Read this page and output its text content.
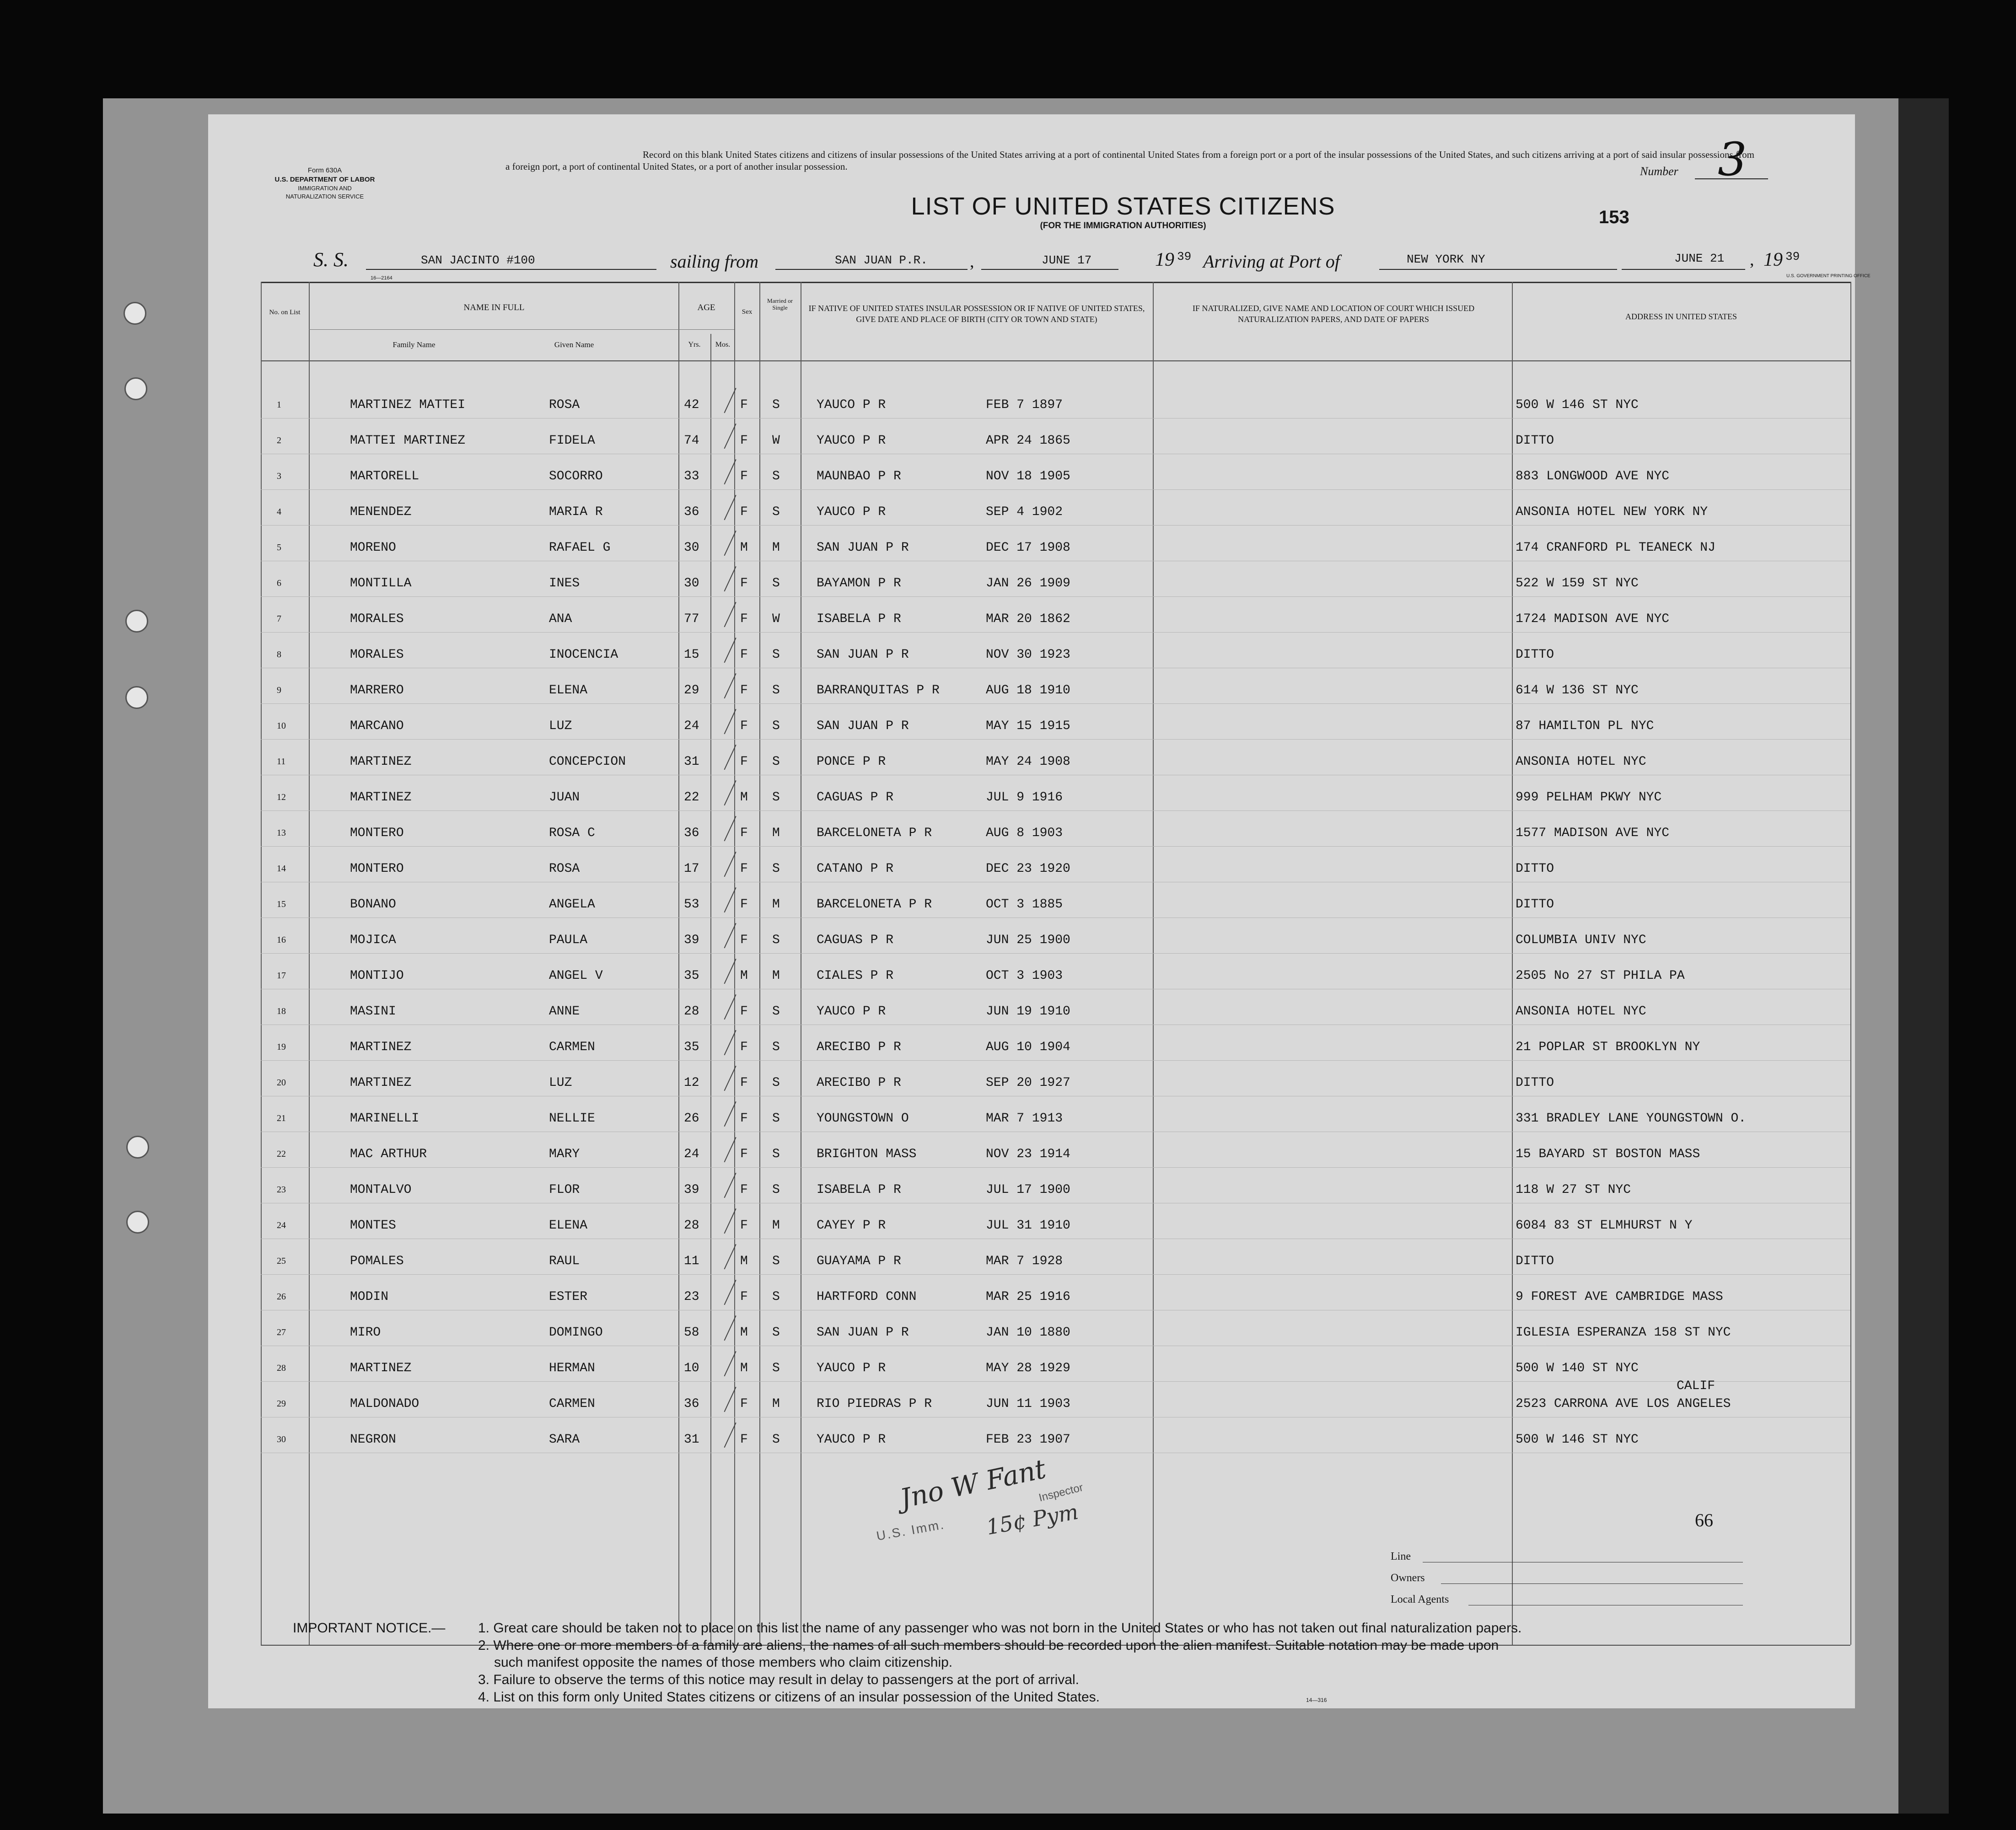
Form 630A
U.S. DEPARTMENT OF LABOR
IMMIGRATION AND
NATURALIZATION SERVICE
Record on this blank United States citizens and citizens of insular possessions of the United States arriving at a port of continental United States from a foreign port or a port of the insular possessions of the United States, and such citizens arriving at a port of said insular possessions from a foreign port, a port of continental United States, or a port of another insular possession.	Number 3
LIST OF UNITED STATES CITIZENS
(FOR THE IMMIGRATION AUTHORITIES)	153
S. S.	SAN JACINTO #100	sailing from	SAN JUAN P.R. ,	JUNE 17	19 39 Arriving at Port of	NEW YORK NY	JUNE 21 , 19 39
U.S. GOVERNMENT PRINTING OFFICE
16—2164
No. on List	NAME IN FULL
Family Name	Given Name
AGE
Yrs.	Mos.
Sex
Married or Single	IF NATIVE OF UNITED STATES INSULAR POSSESSION OR IF NATIVE OF UNITED STATES, GIVE DATE AND PLACE OF BIRTH (CITY OR TOWN AND STATE)
IF NATURALIZED, GIVE NAME AND LOCATION OF COURT WHICH ISSUED NATURALIZATION PAPERS, AND DATE OF PAPERS	ADDRESS IN UNITED STATES
1	MARTINEZ MATTEI	ROSA	42	F S	YAUCO P R	FEB 7 1897	500 W 146 ST NYC
2	MATTEI MARTINEZ	FIDELA	74	F W	YAUCO P R	APR 24 1865	DITTO
3	MARTORELL	SOCORRO	33	F S	MAUNBAO P R	NOV 18 1905	883 LONGWOOD AVE NYC
4	MENENDEZ	MARIA R	36	F S	YAUCO P R	SEP 4 1902	ANSONIA HOTEL NEW YORK NY
5	MORENO	RAFAEL G	30	M M	SAN JUAN P R	DEC 17 1908	174 CRANFORD PL TEANECK NJ
6	MONTILLA	INES	30	F S	BAYAMON P R	JAN 26 1909	522 W 159 ST NYC
7	MORALES	ANA	77	F W	ISABELA P R	MAR 20 1862	1724 MADISON AVE NYC
8	MORALES	INOCENCIA	15	F S	SAN JUAN P R	NOV 30 1923	DITTO
9	MARRERO	ELENA	29	F S	BARRANQUITAS P R	AUG 18 1910	614 W 136 ST NYC
10	MARCANO	LUZ	24	F S	SAN JUAN P R	MAY 15 1915	87 HAMILTON PL NYC
11	MARTINEZ	CONCEPCION	31	F S	PONCE P R	MAY 24 1908	ANSONIA HOTEL NYC
12	MARTINEZ	JUAN	22	M S	CAGUAS P R	JUL 9 1916	999 PELHAM PKWY NYC
13	MONTERO	ROSA C	36	F M	BARCELONETA P R	AUG 8 1903	1577 MADISON AVE NYC
14	MONTERO	ROSA	17	F S	CATANO P R	DEC 23 1920	DITTO
15	BONANO	ANGELA	53	F M	BARCELONETA P R	OCT 3 1885	DITTO
16	MOJICA	PAULA	39	F S	CAGUAS P R	JUN 25 1900	COLUMBIA UNIV NYC
17	MONTIJO	ANGEL V	35	M M	CIALES P R	OCT 3 1903	2505 No 27 ST PHILA PA
18	MASINI	ANNE	28	F S	YAUCO P R	JUN 19 1910	ANSONIA HOTEL NYC
19	MARTINEZ	CARMEN	35	F S	ARECIBO P R	AUG 10 1904	21 POPLAR ST BROOKLYN NY
20	MARTINEZ	LUZ	12	F S	ARECIBO P R	SEP 20 1927	DITTO
21	MARINELLI	NELLIE	26	F S	YOUNGSTOWN O	MAR 7 1913	331 BRADLEY LANE YOUNGSTOWN O.
22	MAC ARTHUR	MARY	24	F S	BRIGHTON MASS	NOV 23 1914	15 BAYARD ST BOSTON MASS
23	MONTALVO	FLOR	39	F S	ISABELA P R	JUL 17 1900	118 W 27 ST NYC
24	MONTES	ELENA	28	F M	CAYEY P R	JUL 31 1910	6084 83 ST ELMHURST N Y
25	POMALES	RAUL	11	M S	GUAYAMA P R	MAR 7 1928	DITTO
26	MODIN	ESTER	23	F S	HARTFORD CONN	MAR 25 1916	9 FOREST AVE CAMBRIDGE MASS
27	MIRO	DOMINGO	58	M S	SAN JUAN P R	JAN 10 1880	IGLESIA ESPERANZA 158 ST NYC
28	MARTINEZ	HERMAN	10	M S	YAUCO P R	MAY 28 1929	500 W 140 ST NYC
29	MALDONADO	CARMEN	36	F M	RIO PIEDRAS P R	JUN 11 1903	2523 CARRONA AVE LOS ANGELES
30	NEGRON	SARA	31	F S	YAUCO P R	FEB 23 1907	500 W 146 ST NYC
CALIF
Jno W Fant
U.S. Imm.
Inspector
15¢ Pym	66
Line
Owners
Local Agents
IMPORTANT NOTICE.— 1. Great care should be taken not to place on this list the name of any passenger who was not born in the United States or who has not taken out final naturalization papers.
2. Where one or more members of a family are aliens, the names of all such members should be recorded upon the alien manifest. Suitable notation may be made upon
such manifest opposite the names of those members who claim citizenship.
3. Failure to observe the terms of this notice may result in delay to passengers at the port of arrival.
4. List on this form only United States citizens or citizens of an insular possession of the United States.	14—316
